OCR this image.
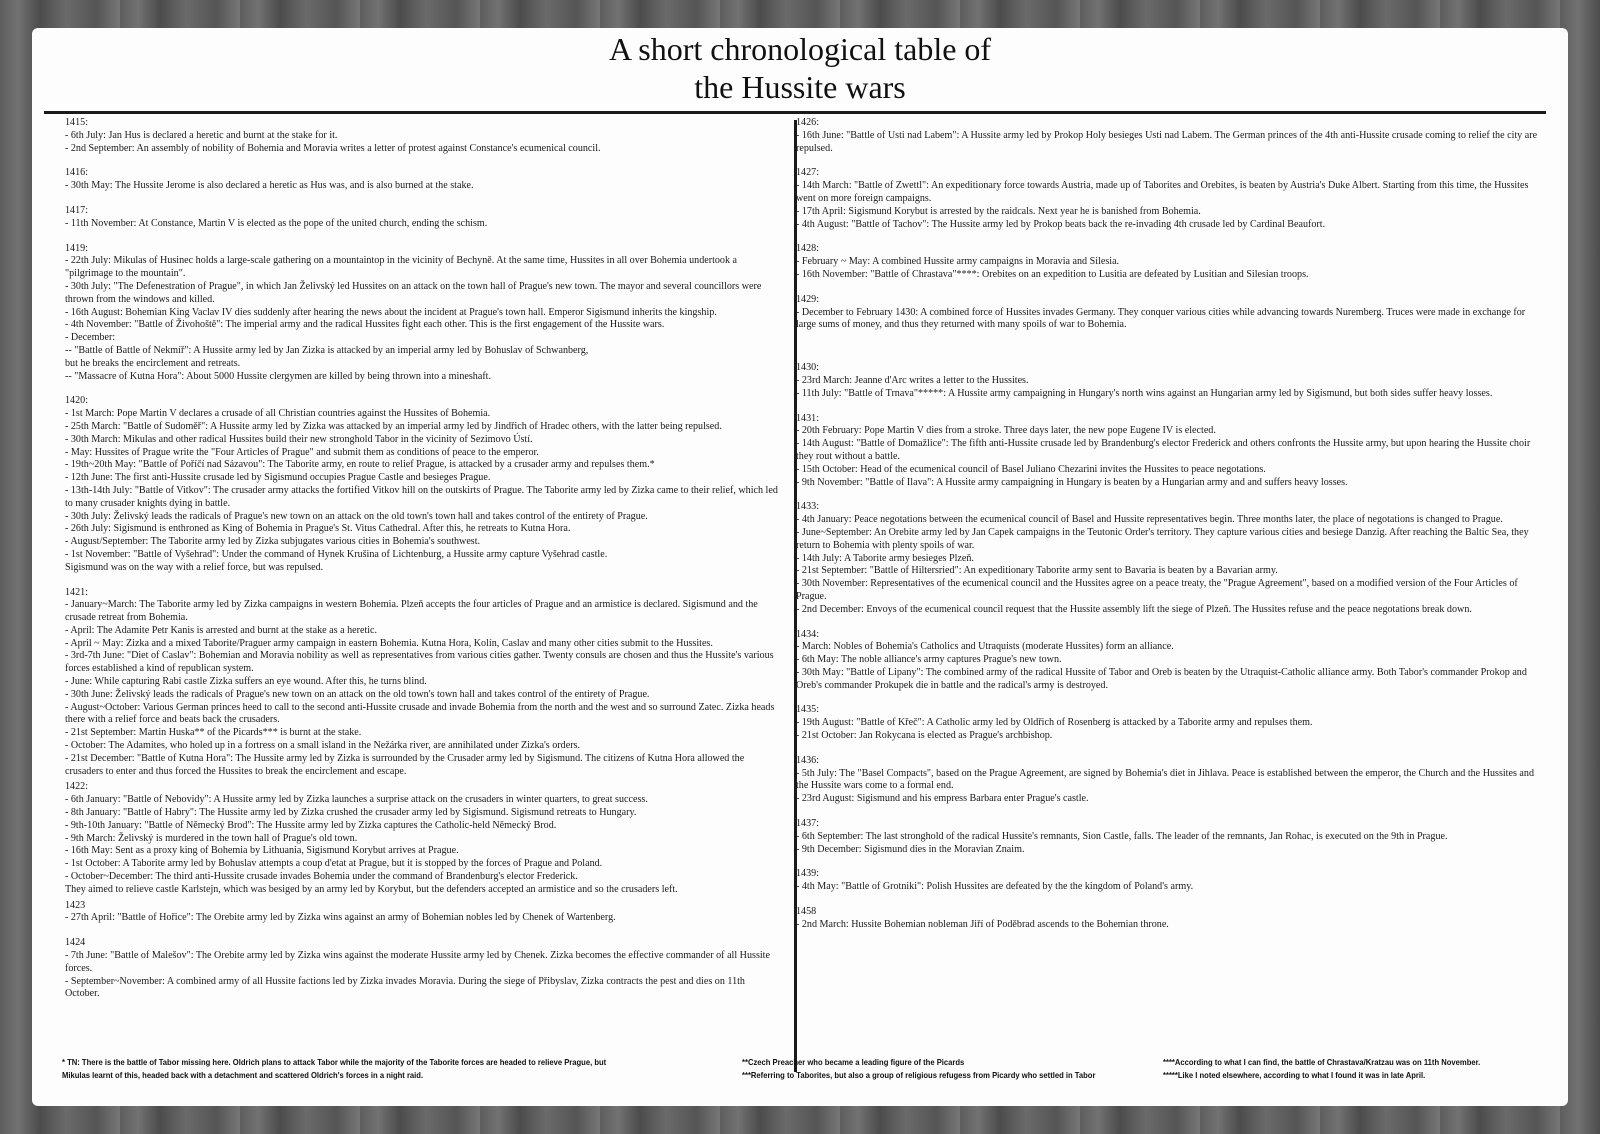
A short chronological table of
the Hussite wars
1415:
- 6th July: Jan Hus is declared a heretic and burnt at the stake for it.
- 2nd September: An assembly of nobility of Bohemia and Moravia writes a letter of protest against Constance's ecumenical council.
1416:
- 30th May: The Hussite Jerome is also declared a heretic as Hus was, and is also burned at the stake.
1417:
- 11th November: At Constance, Martin V is elected as the pope of the united church, ending the schism.
1419:
- 22th July: Mikulas of Husinec holds a large-scale gathering on a mountaintop in the vicinity of Bechyně. At the same time, Hussites in all over Bohemia undertook a "pilgrimage to the mountain".
- 30th July: "The Defenestration of Prague", in which Jan Želivský led Hussites on an attack on the town hall of Prague's new town. The mayor and several councillors were thrown from the windows and killed.
- 16th August: Bohemian King Vaclav IV dies suddenly after hearing the news about the incident at Prague's town hall. Emperor Sigismund inherits the kingship.
- 4th November: "Battle of Živohoště": The imperial army and the radical Hussites fight each other. This is the first engagement of the Hussite wars.
- December:
-- "Battle of Battle of Nekmíř": A Hussite army led by Jan Zizka is attacked by an imperial army led by Bohuslav of Schwanberg,
but he breaks the encirclement and retreats.
-- "Massacre of Kutna Hora": About 5000 Hussite clergymen are killed by being thrown into a mineshaft.
1420:
- 1st March: Pope Martin V declares a crusade of all Christian countries against the Hussites of Bohemia.
- 25th March: "Battle of Sudoměř": A Hussite army led by Zizka was attacked by an imperial army led by Jindřich of Hradec others, with the latter being repulsed.
- 30th March: Mikulas and other radical Hussites build their new stronghold Tabor in the vicinity of Sezimovo Ústí.
- May: Hussites of Prague write the "Four Articles of Prague" and submit them as conditions of peace to the emperor.
- 19th~20th May: "Battle of Poříčí nad Sázavou": The Taborite army, en route to relief Prague, is attacked by a crusader army and repulses them.*
- 12th June: The first anti-Hussite crusade led by Sigismund occupies Prague Castle and besieges Prague.
- 13th-14th July: "Battle of Vitkov": The crusader army attacks the fortified Vitkov hill on the outskirts of Prague. The Taborite army led by Zizka came to their relief, which led to many crusader knights dying in battle.
- 30th July: Želivský leads the radicals of Prague's new town on an attack on the old town's town hall and takes control of the entirety of Prague.
- 26th July: Sigismund is enthroned as King of Bohemia in Prague's St. Vitus Cathedral. After this, he retreats to Kutna Hora.
- August/September: The Taborite army led by Zizka subjugates various cities in Bohemia's southwest.
- 1st November: "Battle of Vyšehrad": Under the command of Hynek Krušina of Lichtenburg, a Hussite army capture Vyšehrad castle.
Sigismund was on the way with a relief force, but was repulsed.
1421:
- January~March: The Taborite army led by Zizka campaigns in western Bohemia. Plzeň accepts the four articles of Prague and an armistice is declared. Sigismund and the crusade retreat from Bohemia.
- April: The Adamite Petr Kanis is arrested and burnt at the stake as a heretic.
- April ~ May: Zizka and a mixed Taborite/Praguer army campaign in eastern Bohemia. Kutna Hora, Kolín, Caslav and many other cities submit to the Hussites.
- 3rd-7th June: "Diet of Caslav": Bohemian and Moravia nobility as well as representatives from various cities gather. Twenty consuls are chosen and thus the Hussite's various forces established a kind of republican system.
- June: While capturing Rabi castle Zizka suffers an eye wound. After this, he turns blind.
- 30th June: Želivský leads the radicals of Prague's new town on an attack on the old town's town hall and takes control of the entirety of Prague.
- August~October: Various German princes heed to call to the second anti-Hussite crusade and invade Bohemia from the north and the west and so surround Zatec. Zizka heads there with a relief force and beats back the crusaders.
- 21st September: Martin Huska** of the Picards*** is burnt at the stake.
- October: The Adamites, who holed up in a fortress on a small island in the Nežárka river, are annihilated under Zizka's orders.
- 21st December: "Battle of Kutna Hora": The Hussite army led by Zizka is surrounded by the Crusader army led by Sigismund. The citizens of Kutna Hora allowed the crusaders to enter and thus forced the Hussites to break the encirclement and escape.
1422:
- 6th January: "Battle of Nebovidy": A Hussite army led by Zizka launches a surprise attack on the crusaders in winter quarters, to great success.
- 8th January: "Battle of Habry": The Hussite army led by Zizka crushed the crusader army led by Sigismund. Sigismund retreats to Hungary.
- 9th-10th January: "Battle of Německý Brod": The Hussite army led by Zizka captures the Catholic-held Německý Brod.
- 9th March: Želivský is murdered in the town hall of Prague's old town.
- 16th May: Sent as a proxy king of Bohemia by Lithuania, Sigismund Korybut arrives at Prague.
- 1st October: A Taborite army led by Bohuslav attempts a coup d'etat at Prague, but it is stopped by the forces of Prague and Poland.
- October~December: The third anti-Hussite crusade invades Bohemia under the command of Brandenburg's elector Frederick.
They aimed to relieve castle Karlstejn, which was besiged by an army led by Korybut, but the defenders accepted an armistice and so the crusaders left.
1423
- 27th April: "Battle of Hořice": The Orebite army led by Zizka wins against an army of Bohemian nobles led by Chenek of Wartenberg.
1424
- 7th June: "Battle of Malešov": The Orebite army led by Zizka wins against the moderate Hussite army led by Chenek. Zizka becomes the effective commander of all Hussite forces.
- September~November: A combined army of all Hussite factions led by Zizka invades Moravia. During the siege of Přibyslav, Zizka contracts the pest and dies on 11th October.
1426:
- 16th June: "Battle of Usti nad Labem": A Hussite army led by Prokop Holy besieges Usti nad Labem. The German princes of the 4th anti-Hussite crusade coming to relief the city are repulsed.
1427:
- 14th March: "Battle of Zwettl": An expeditionary force towards Austria, made up of Taborites and Orebites, is beaten by Austria's Duke Albert. Starting from this time, the Hussites went on more foreign campaigns.
- 17th April: Sigismund Korybut is arrested by the raidcals. Next year he is banished from Bohemia.
- 4th August: "Battle of Tachov": The Hussite army led by Prokop beats back the re-invading 4th crusade led by Cardinal Beaufort.
1428:
- February ~ May: A combined Hussite army campaigns in Moravia and Silesia.
- 16th November: "Battle of Chrastava"****: Orebites on an expedition to Lusitia are defeated by Lusitian and Silesian troops.
1429:
- December to February 1430: A combined force of Hussites invades Germany. They conquer various cities while advancing towards Nuremberg. Truces were made in exchange for large sums of money, and thus they returned with many spoils of war to Bohemia.
1430:
- 23rd March: Jeanne d'Arc writes a letter to the Hussites.
- 11th July: "Battle of Trnava"*****: A Hussite army campaigning in Hungary's north wins against an Hungarian army led by Sigismund, but both sides suffer heavy losses.
1431:
- 20th February: Pope Martin V dies from a stroke. Three days later, the new pope Eugene IV is elected.
- 14th August: "Battle of Domažlice": The fifth anti-Hussite crusade led by Brandenburg's elector Frederick and others confronts the Hussite army, but upon hearing the Hussite choir they rout without a battle.
- 15th October: Head of the ecumenical council of Basel Juliano Chezarini invites the Hussites to peace negotations.
- 9th November: "Battle of Ilava": A Hussite army campaigning in Hungary is beaten by a Hungarian army and and suffers heavy losses.
1433:
- 4th January: Peace negotations between the ecumenical council of Basel and Hussite representatives begin. Three months later, the place of negotations is changed to Prague.
- June~September: An Orebite army led by Jan Capek campaigns in the Teutonic Order's territory. They capture various cities and besiege Danzig. After reaching the Baltic Sea, they return to Bohemia with plenty spoils of war.
- 14th July: A Taborite army besieges Plzeň.
- 21st September: "Battle of Hiltersried": An expeditionary Taborite army sent to Bavaria is beaten by a Bavarian army.
- 30th November: Representatives of the ecumenical council and the Hussites agree on a peace treaty, the "Prague Agreement", based on a modified version of the Four Articles of Prague.
- 2nd December: Envoys of the ecumenical council request that the Hussite assembly lift the siege of Plzeň. The Hussites refuse and the peace negotations break down.
1434:
- March: Nobles of Bohemia's Catholics and Utraquists (moderate Hussites) form an alliance.
- 6th May: The noble alliance's army captures Prague's new town.
- 30th May: "Battle of Lipany": The combined army of the radical Hussite of Tabor and Oreb is beaten by the Utraquist-Catholic alliance army. Both Tabor's commander Prokop and Oreb's commander Prokupek die in battle and the radical's army is destroyed.
1435:
- 19th August: "Battle of Křeč": A Catholic army led by Oldřich of Rosenberg is attacked by a Taborite army and repulses them.
- 21st October: Jan Rokycana is elected as Prague's archbishop.
1436:
- 5th July: The "Basel Compacts", based on the Prague Agreement, are signed by Bohemia's diet in Jihlava. Peace is established between the emperor, the Church and the Hussites and the Hussite wars come to a formal end.
- 23rd August: Sigismund and his empress Barbara enter Prague's castle.
1437:
- 6th September: The last stronghold of the radical Hussite's remnants, Sion Castle, falls. The leader of the remnants, Jan Rohac, is executed on the 9th in Prague.
- 9th December: Sigismund dies in the Moravian Znaim.
1439:
- 4th May: "Battle of Grotniki": Polish Hussites are defeated by the the kingdom of Poland's army.
1458
- 2nd March: Hussite Bohemian nobleman Jiří of Poděbrad ascends to the Bohemian throne.
* TN: There is the battle of Tabor missing here. Oldrich plans to attack Tabor while the majority of the Taborite forces are headed to relieve Prague, but
Mikulas learnt of this, headed back with a detachment and scattered Oldrich's forces in a night raid.
**Czech Preacher who became a leading figure of the Picards
***Referring to Taborites, but also a group of religious refugess from Picardy who settled in Tabor
****According to what I can find, the battle of Chrastava/Kratzau was on 11th November.
*****Like I noted elsewhere, according to what I found it was in late April.
